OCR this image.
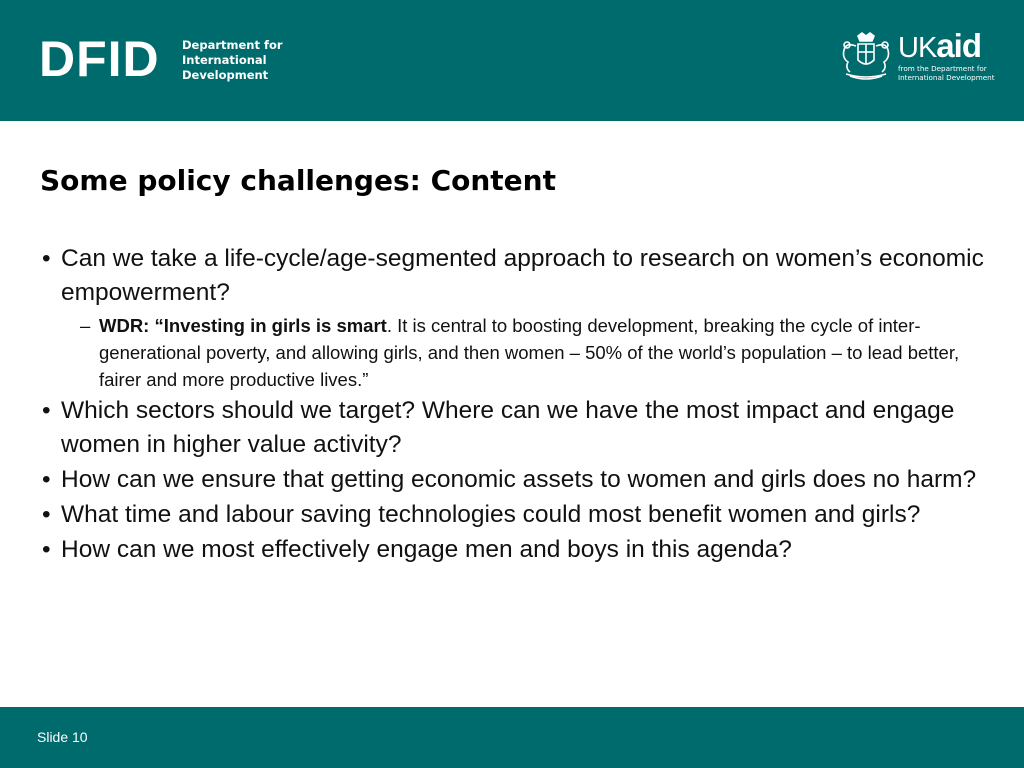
DFID Department for
International
Development
UKaid
from the Department for
International Development
Some policy challenges: Content
• Can we take a life-cycle/age-segmented approach to research on women’s economic empowerment?
– WDR: “Investing in girls is smart. It is central to boosting development, breaking the cycle of inter-generational poverty, and allowing girls, and then women – 50% of the world’s population – to lead better, fairer and more productive lives.”
• Which sectors should we target? Where can we have the most impact and engage women in higher value activity?
• How can we ensure that getting economic assets to women and girls does no harm?
• What time and labour saving technologies could most benefit women and girls?
• How can we most effectively engage men and boys in this agenda?
Slide 10
